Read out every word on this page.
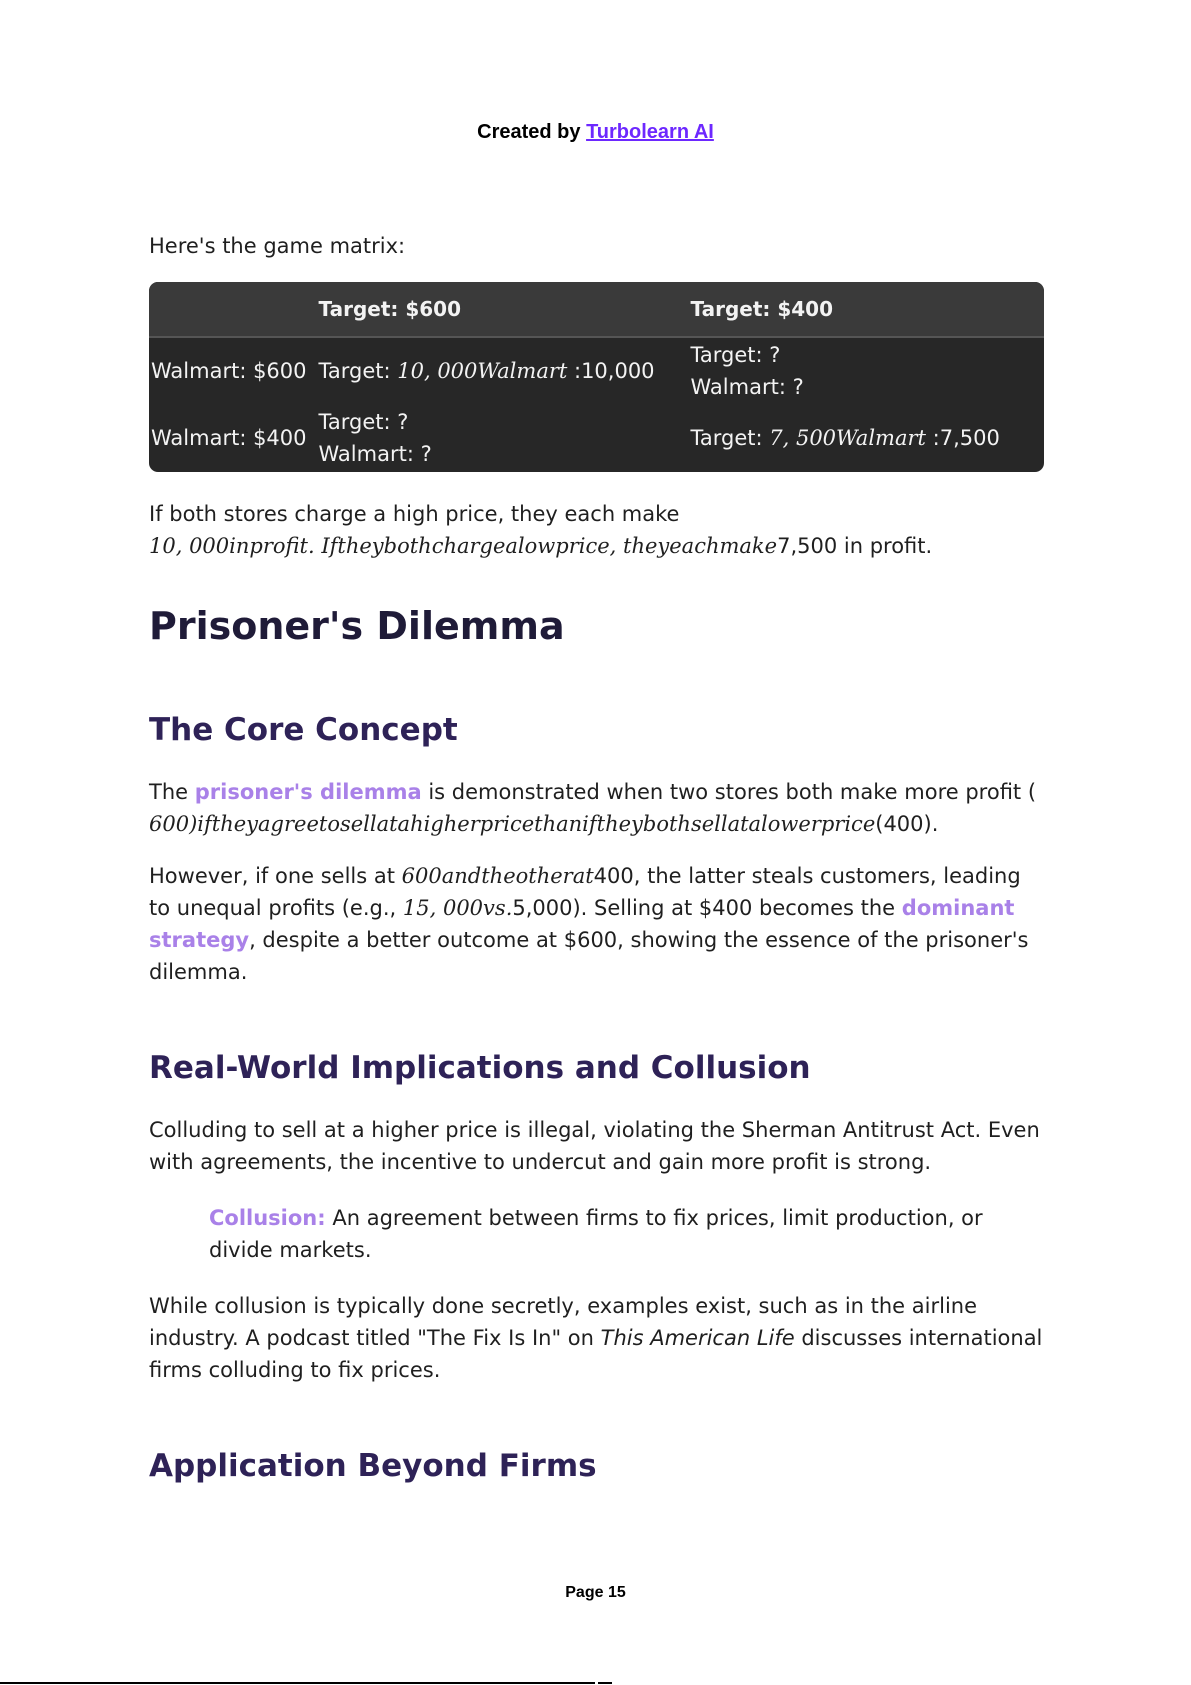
Created by Turbolearn AI

Here's the game matrix:

	Target: $600	Target: $400
Walmart: $600	Target: 10, 000Walmart :10,000	Target: ?
Walmart: ?

Walmart: $400	Target: ?
Walmart: ?	Target: 7, 500Walmart :7,500

If both stores charge a high price, they each make
10, 000inprofit. Iftheybothchargealowprice, theyeachmake7,500 in profit.

Prisoner's Dilemma
The Core Concept

The prisoner's dilemma is demonstrated when two stores both make more profit (
600)iftheyagreetosellatahigherpricethaniftheybothsellatalowerprice(400).

However, if one sells at 600andtheotherat400, the latter steals customers, leading to unequal profits (e.g., 15, 000vs.5,000). Selling at $400 becomes the dominant strategy, despite a better outcome at $600, showing the essence of the prisoner's dilemma.

Real-World Implications and Collusion

Colluding to sell at a higher price is illegal, violating the Sherman Antitrust Act. Even with agreements, the incentive to undercut and gain more profit is strong.

Collusion: An agreement between firms to fix prices, limit production, or divide markets.

While collusion is typically done secretly, examples exist, such as in the airline industry. A podcast titled "The Fix Is In" on This American Life discusses international firms colluding to fix prices.

Application Beyond Firms
Page 15
